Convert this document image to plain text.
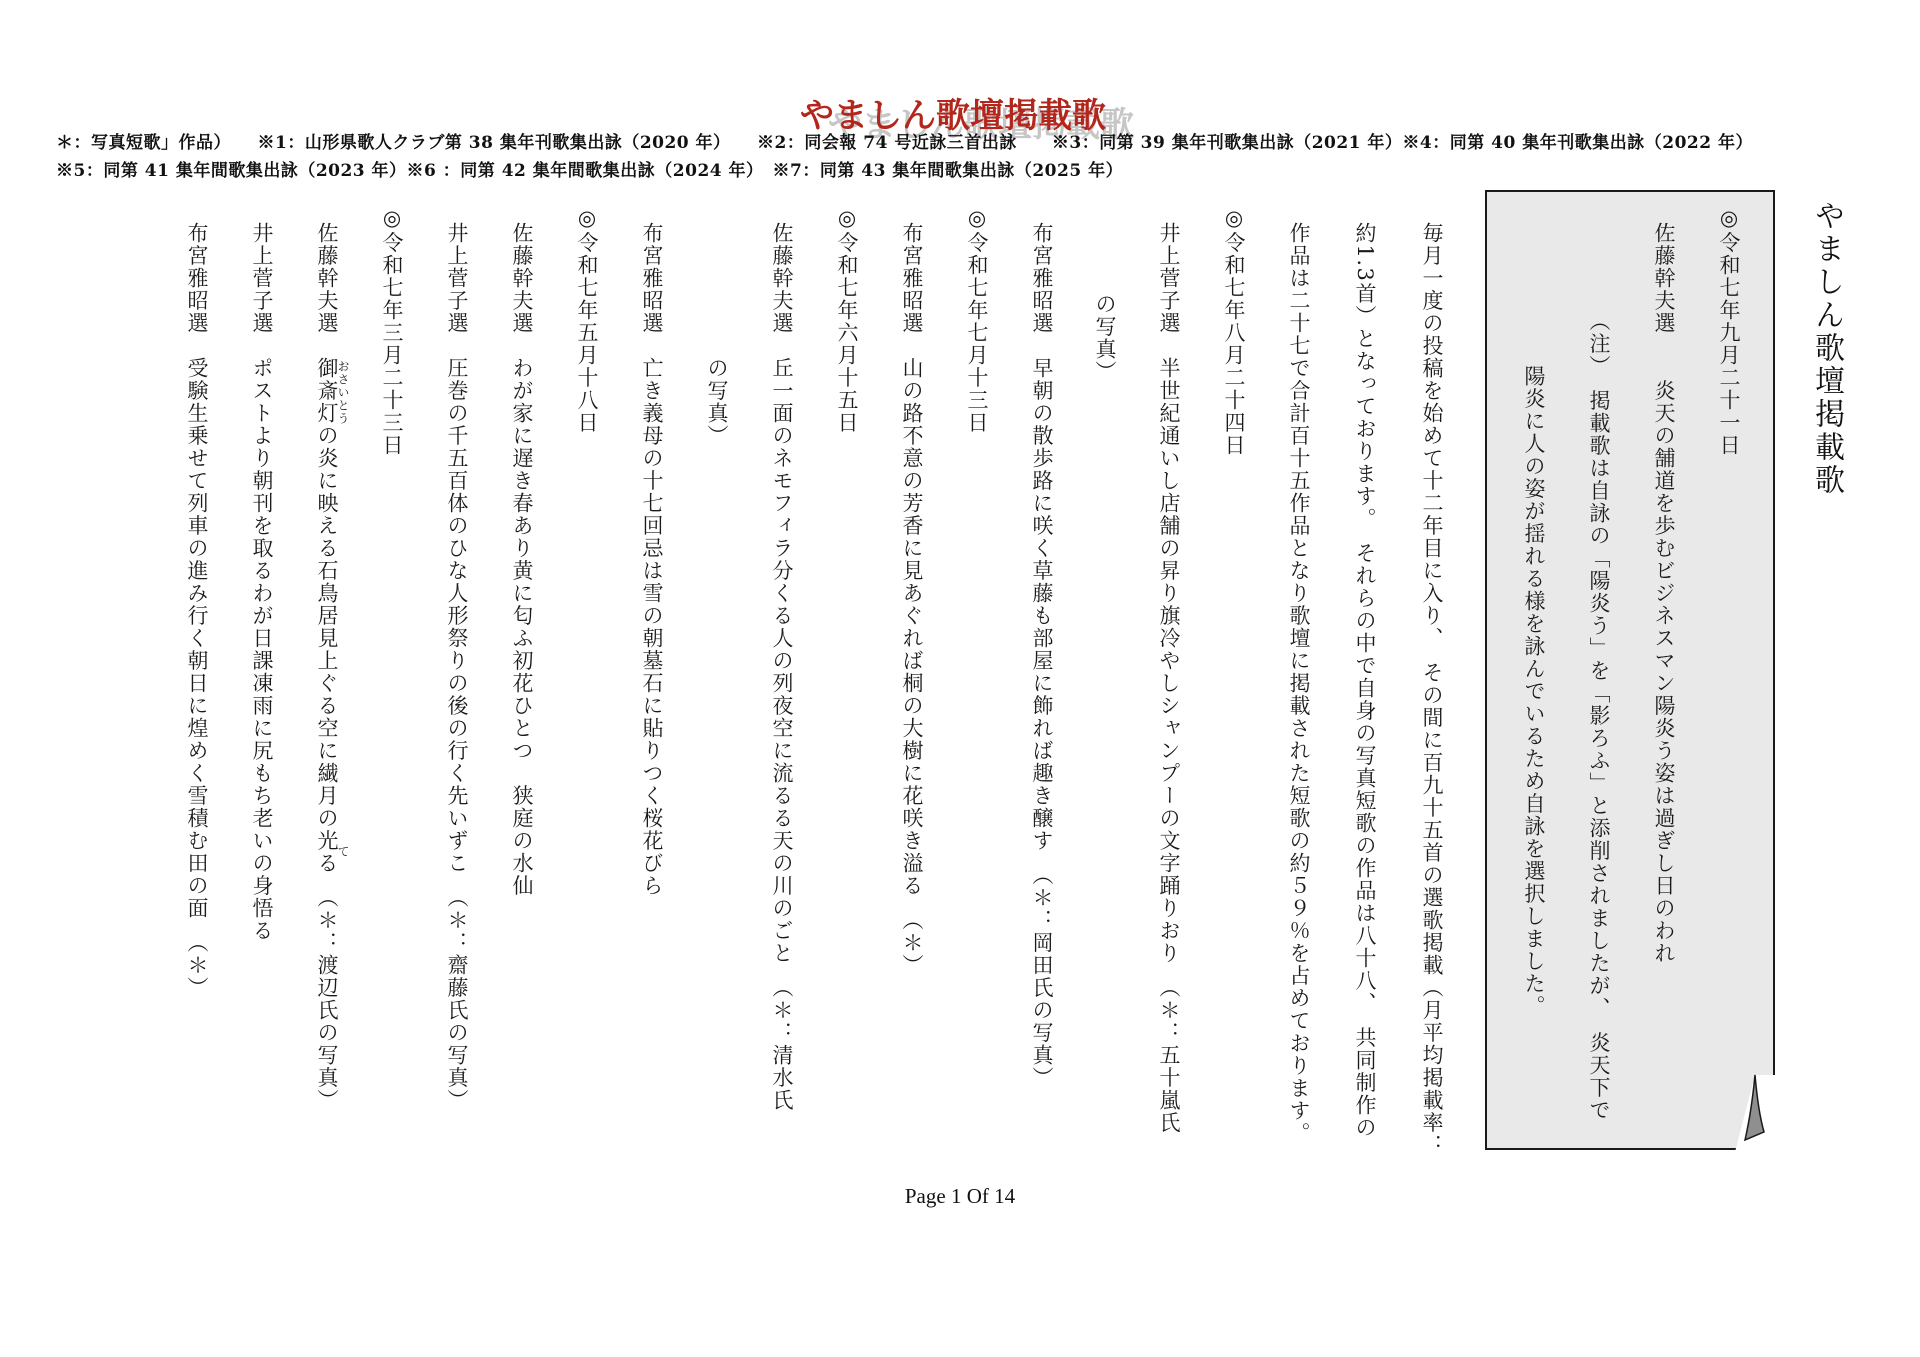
やましん歌壇掲載歌
＊：写真短歌」作品）　　※1：山形県歌人クラブ第 38 集年刊歌集出詠（2020 年）　　※2：同会報 74 号近詠三首出詠　　※3：同第 39 集年刊歌集出詠（2021 年）※4：同第 40 集年刊歌集出詠（2022 年）
※5：同第 41 集年間歌集出詠（2023 年）※6 ：同第 42 集年間歌集出詠（2024 年）　※7：同第 43 集年間歌集出詠（2025 年）
やましん歌壇掲載歌
◎令和七年九月二十一日
佐藤幹夫選　　炎天の舗道を歩むビジネスマン陽炎う姿は過ぎし日のわれ
（注）　掲載歌は自詠の「陽炎う」を「影ろふ」と添削されましたが、　炎天下で
陽炎に人の姿が揺れる様を詠んでいるため自詠を選択しました。
毎月一度の投稿を始めて十二年目に入り、　その間に百九十五首の選歌掲載（月平均掲載率：
約1.3首）となっております。　それらの中で自身の写真短歌の作品は八十八、　共同制作の
作品は二十七で合計百十五作品となり歌壇に掲載された短歌の約５９％を占めております。
◎令和七年八月二十四日
井上菅子選　半世紀通いし店舗の昇り旗冷やしシャンプーの文字踊りおり　（＊：五十嵐氏
の写真）
布宮雅昭選　早朝の散歩路に咲く草藤も部屋に飾れば趣き醸す　（＊：岡田氏の写真）
◎令和七年七月十三日
布宮雅昭選　山の路不意の芳香に見あぐれば桐の大樹に花咲き溢る　（＊）
◎令和七年六月十五日
佐藤幹夫選　丘一面のネモフィラ分くる人の列夜空に流るる天の川のごと　（＊：清水氏
の写真）
布宮雅昭選　亡き義母の十七回忌は雪の朝墓石に貼りつく桜花びら
◎令和七年五月十八日
佐藤幹夫選　わが家に遅き春あり黄に匂ふ初花ひとつ　狭庭の水仙
井上菅子選　圧巻の千五百体のひな人形祭りの後の行く先いずこ　（＊：齋藤氏の写真）
◎令和七年三月二十三日
佐藤幹夫選　御斎灯の炎に映える石鳥居見上ぐる空に繊月の光る　（＊：渡辺氏の写真）
おさいとう
て
井上菅子選　ポストより朝刊を取るわが日課凍雨に尻もち老いの身悟る
布宮雅昭選　受験生乗せて列車の進み行く朝日に煌めく雪積む田の面　（＊）
Page 1 Of 14
